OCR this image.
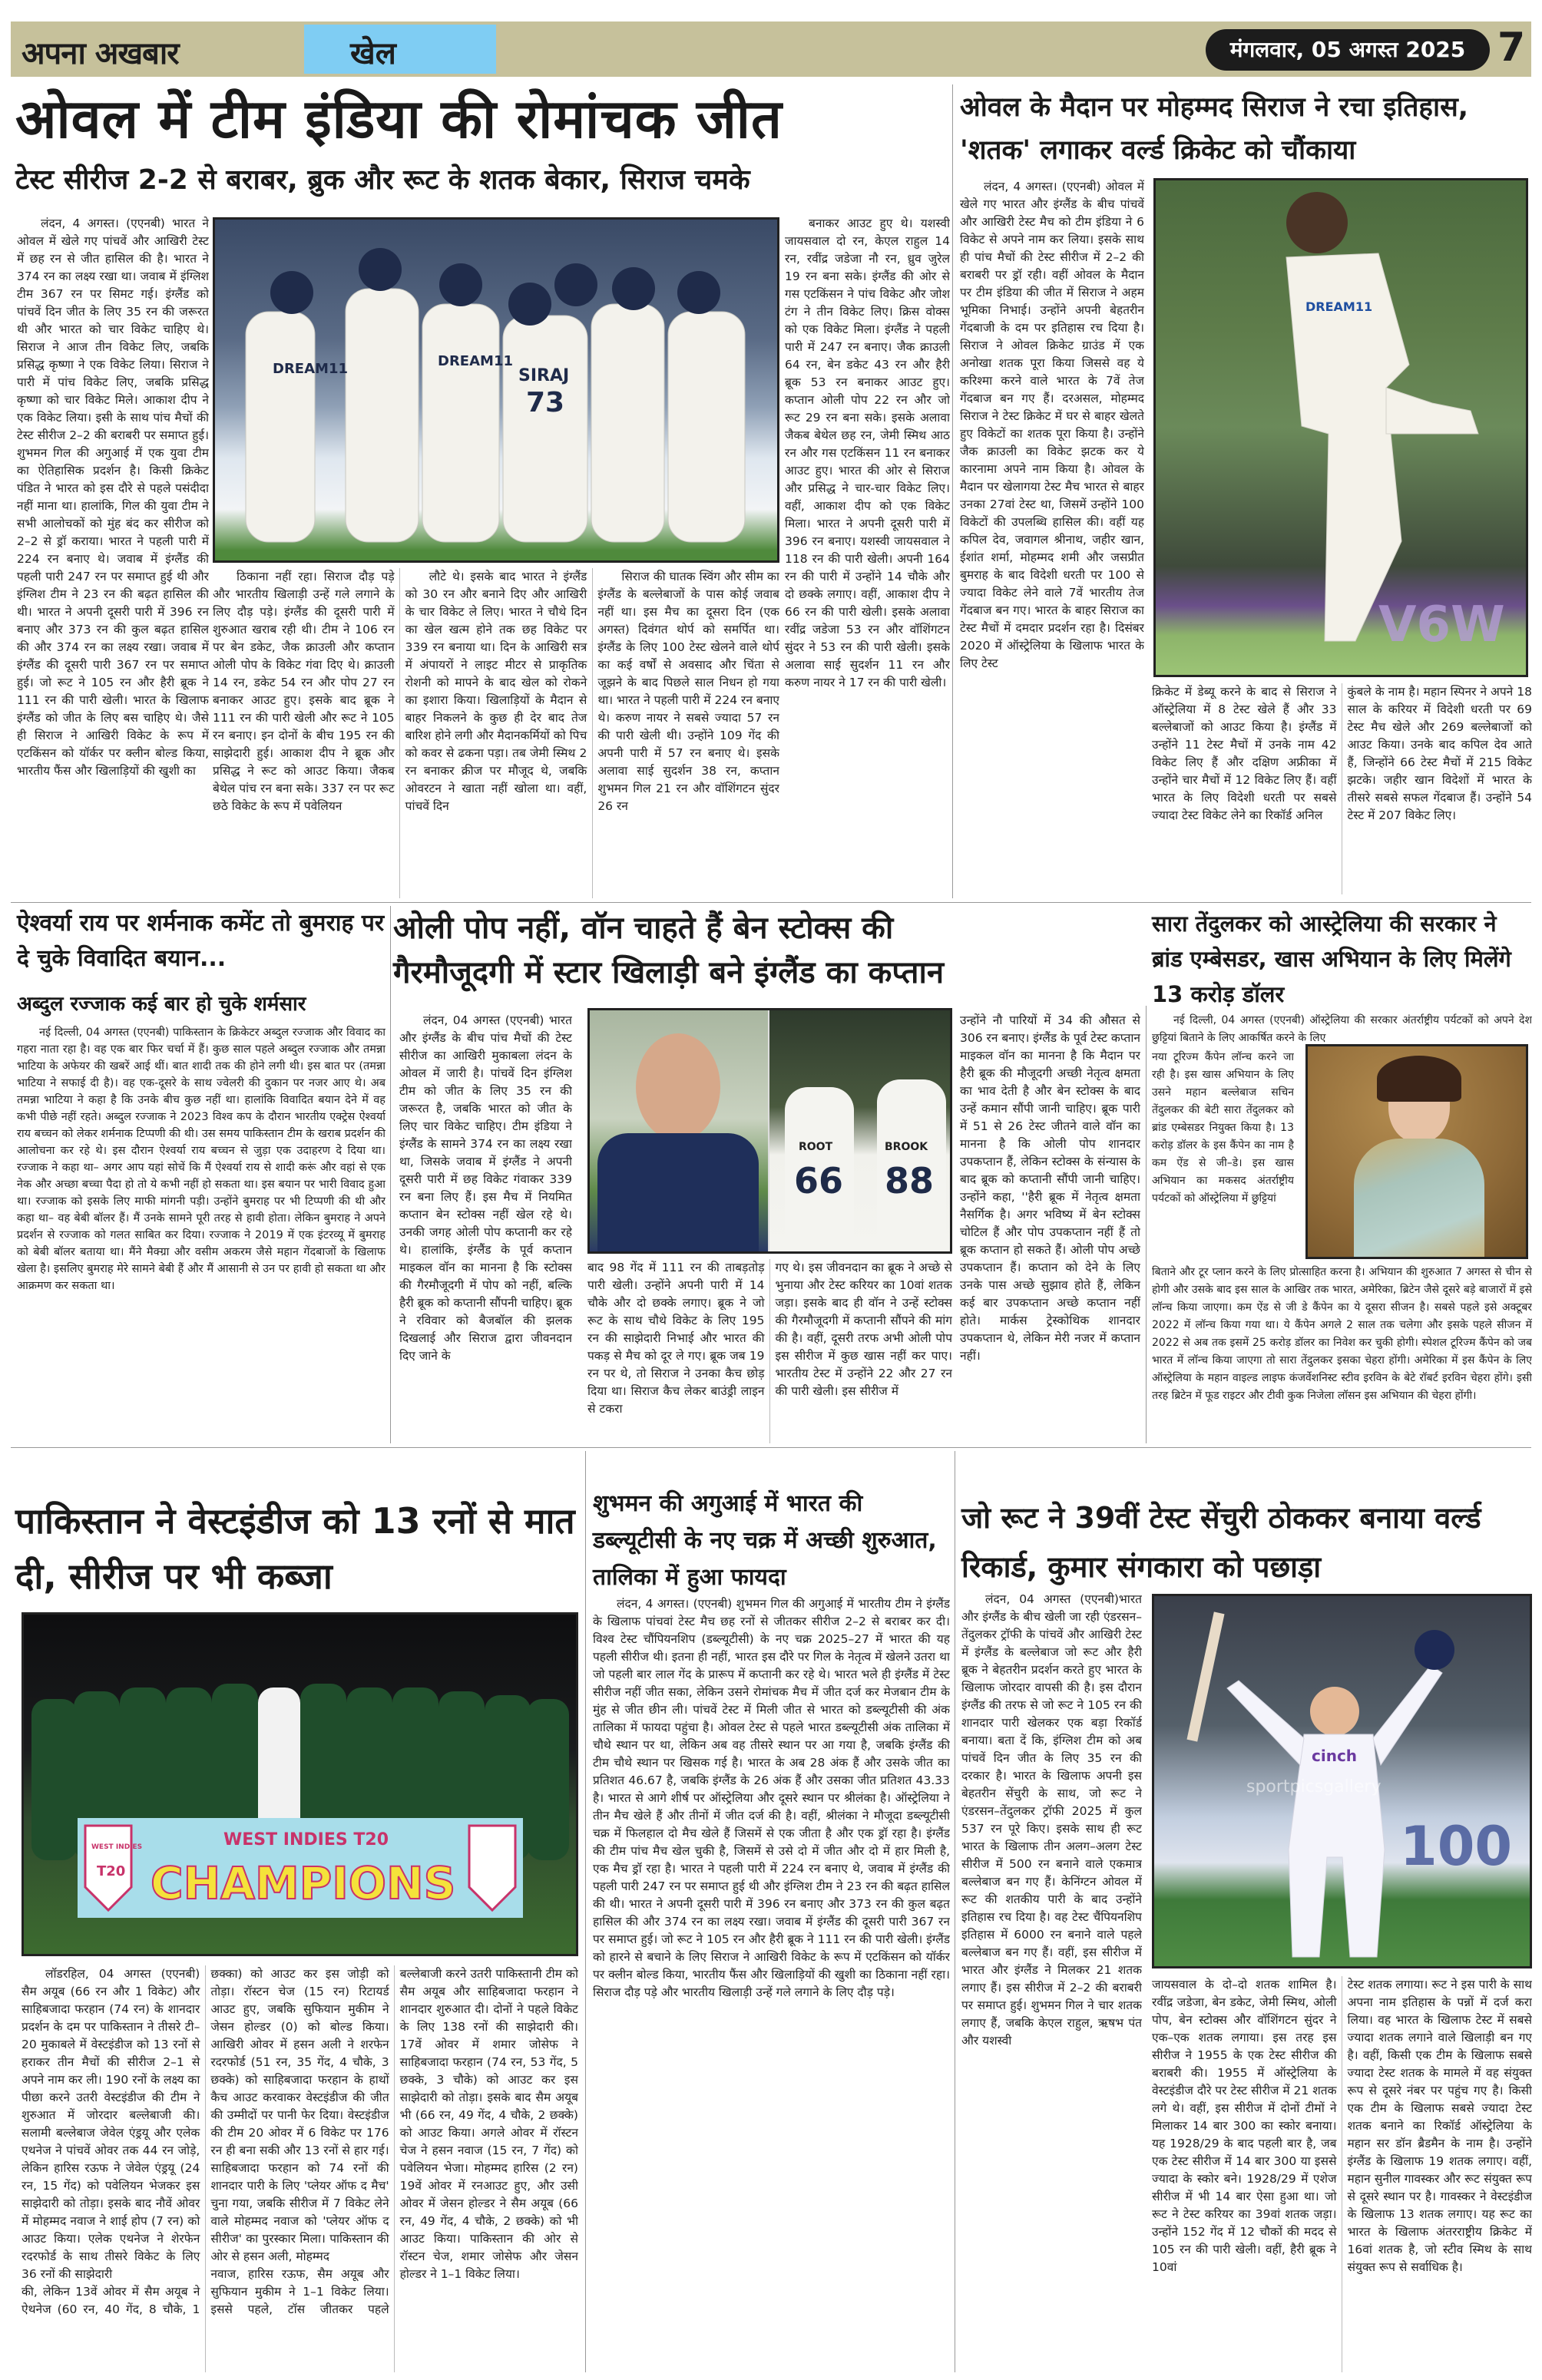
अपना अखबार	खेल	मंगलवार, 05 अगस्त 2025 7
ओवल में टीम इंडिया की रोमांचक जीत
टेस्ट सीरीज 2-2 से बराबर, ब्रुक और रूट के शतक बेकार, सिराज चमके
लंदन, 4 अगस्त। (एएनबी) भारत ने ओवल में खेले गए पांचवें और आखिरी टेस्ट में छह रन से जीत हासिल की है। भारत ने 374 रन का लक्ष्य रखा था। जवाब में इंग्लिश टीम 367 रन पर सिमट गई। इंग्लैंड को पांचवें दिन जीत के लिए 35 रन की जरूरत थी और भारत को चार विकेट चाहिए थे। सिराज ने आज तीन विकेट लिए, जबकि प्रसिद्ध कृष्णा ने एक विकेट लिया। सिराज ने पारी में पांच विकेट लिए, जबकि प्रसिद्ध कृष्णा को चार विकेट मिले। आकाश दीप ने एक विकेट लिया। इसी के साथ पांच मैचों की टेस्ट सीरीज 2–2 की बराबरी पर समाप्त हुई। शुभमन गिल की अगुआई में एक युवा टीम का ऐतिहासिक प्रदर्शन है। किसी क्रिकेट पंडित ने भारत को इस दौरे से पहले पसंदीदा नहीं माना था। हालांकि, गिल की युवा टीम ने सभी आलोचकों को मुंह बंद कर सीरीज को 2–2 से ड्रॉ कराया। भारत ने पहली पारी में 224 रन बनाए थे। जवाब में इंग्लैंड की पहली पारी 247 रन पर समाप्त हुई थी और इंग्लिश टीम ने 23 रन की बढ़त हासिल की थी। भारत ने अपनी दूसरी पारी में 396 रन बनाए और 373 रन की कुल बढ़त हासिल की और 374 रन का लक्ष्य रखा। जवाब में इंग्लैंड की दूसरी पारी 367 रन पर समाप्त हुई। जो रूट ने 105 रन और हैरी ब्रूक ने 111 रन की पारी खेली। भारत के खिलाफ इंग्लैंड को जीत के लिए बस चाहिए थे। जैसे ही सिराज ने आखिरी विकेट के रूप में एटकिंसन को यॉर्कर पर क्लीन बोल्ड किया, भारतीय फैंस और खिलाड़ियों की खुशी का
DREAM11	DREAM11
SIRAJ
73

ठिकाना नहीं रहा। सिराज दौड़ पड़े और भारतीय खिलाड़ी उन्हें गले लगाने के लिए दौड़ पड़े। इंग्लैंड की दूसरी पारी में शुरुआत खराब रही थी। टीम ने 106 रन पर बेन डकेट, जैक क्राउली और कप्तान ओली पोप के विकेट गंवा दिए थे। क्राउली 14 रन, डकेट 54 रन और पोप 27 रन बनाकर आउट हुए। इसके बाद ब्रूक ने 111 रन की पारी खेली और रूट ने 105 रन बनाए। इन दोनों के बीच 195 रन की साझेदारी हुई। आकाश दीप ने ब्रूक और प्रसिद्ध ने रूट को आउट किया। जैकब बेथेल पांच रन बना सके। 337 रन पर रूट छठे विकेट के रूप में पवेलियन

लौटे थे। इसके बाद भारत ने इंग्लैंड को 30 रन और बनाने दिए और आखिरी के चार विकेट ले लिए। भारत ने चौथे दिन का खेल खत्म होने तक छह विकेट पर 339 रन बनाया था। दिन के आखिरी सत्र में अंपायरों ने लाइट मीटर से प्राकृतिक रोशनी को मापने के बाद खेल को रोकने का इशारा किया। खिलाड़ियों के मैदान से बाहर निकलने के कुछ ही देर बाद तेज बारिश होने लगी और मैदानकर्मियों को पिच को कवर से ढकना पड़ा। तब जेमी स्मिथ 2 रन बनाकर क्रीज पर मौजूद थे, जबकि ओवरटन ने खाता नहीं खोला था। वहीं, पांचवें दिन

सिराज की घातक स्विंग और सीम का इंग्लैंड के बल्लेबाजों के पास कोई जवाब नहीं था। इस मैच का दूसरा दिन (एक अगस्त) दिवंगत थोर्प को समर्पित था। इंग्लैंड के लिए 100 टेस्ट खेलने वाले थोर्प का कई वर्षों से अवसाद और चिंता से जूझने के बाद पिछले साल निधन हो गया था। भारत ने पहली पारी में 224 रन बनाए थे। करुण नायर ने सबसे ज्यादा 57 रन की पारी खेली थी। उन्होंने 109 गेंद की अपनी पारी में 57 रन बनाए थे। इसके अलावा साई सुदर्शन 38 रन, कप्तान शुभमन गिल 21 रन और वॉशिंगटन सुंदर 26 रन

बनाकर आउट हुए थे। यशस्वी जायसवाल दो रन, केएल राहुल 14 रन, रवींद्र जडेजा नौ रन, ध्रुव जुरेल 19 रन बना सके। इंग्लैंड की ओर से गस एटकिंसन ने पांच विकेट और जोश टंग ने तीन विकेट लिए। क्रिस वोक्स को एक विकेट मिला। इंग्लैंड ने पहली पारी में 247 रन बनाए। जैक क्राउली 64 रन, बेन डकेट 43 रन और हैरी ब्रूक 53 रन बनाकर आउट हुए। कप्तान ओली पोप 22 रन और जो रूट 29 रन बना सके। इसके अलावा जैकब बेथेल छह रन, जेमी स्मिथ आठ रन और गस एटकिंसन 11 रन बनाकर आउट हुए। भारत की ओर से सिराज और प्रसिद्ध ने चार-चार विकेट लिए। वहीं, आकाश दीप को एक विकेट मिला। भारत ने अपनी दूसरी पारी में 396 रन बनाए। यशस्वी जायसवाल ने 118 रन की पारी खेली। अपनी 164 रन की पारी में उन्होंने 14 चौके और दो छक्के लगाए। वहीं, आकाश दीप ने 66 रन की पारी खेली। इसके अलावा रवींद्र जडेजा 53 रन और वॉशिंगटन सुंदर ने 53 रन की पारी खेली। इसके अलावा साई सुदर्शन 11 रन और करुण नायर ने 17 रन की पारी खेली।
ओवल के मैदान पर मोहम्मद सिराज ने रचा इतिहास, 'शतक' लगाकर वर्ल्ड क्रिकेट को चौंकाया
लंदन, 4 अगस्त। (एएनबी) ओवल में खेले गए भारत और इंग्लैंड के बीच पांचवें और आखिरी टेस्ट मैच को टीम इंडिया ने 6 विकेट से अपने नाम कर लिया। इसके साथ ही पांच मैचों की टेस्ट सीरीज में 2–2 की बराबरी पर ड्रॉ रही। वहीं ओवल के मैदान पर टीम इंडिया की जीत में सिराज ने अहम भूमिका निभाई। उन्होंने अपनी बेहतरीन गेंदबाजी के दम पर इतिहास रच दिया है। सिराज ने ओवल क्रिकेट ग्राउंड में एक अनोखा शतक पूरा किया जिससे वह ये करिश्मा करने वाले भारत के 7वें तेज गेंदबाज बन गए हैं। दरअसल, मोहम्मद सिराज ने टेस्ट क्रिकेट में घर से बाहर खेलते हुए विकेटों का शतक पूरा किया है। उन्होंने जैक क्राउली का विकेट झटक कर ये कारनामा अपने नाम किया है। ओवल के मैदान पर खेलागया टेस्ट मैच भारत से बाहर उनका 27वां टेस्ट था, जिसमें उन्होंने 100 विकेटों की उपलब्धि हासिल की। वहीं यह कपिल देव, जवागल श्रीनाथ, जहीर खान, ईशांत शर्मा, मोहम्मद शमी और जसप्रीत बुमराह के बाद विदेशी धरती पर 100 से ज्यादा विकेट लेने वाले 7वें भारतीय तेज गेंदबाज बन गए। भारत के बाहर सिराज का टेस्ट मैचों में दमदार प्रदर्शन रहा है। दिसंबर 2020 में ऑस्ट्रेलिया के खिलाफ भारत के लिए टेस्ट
DREAM11
V6W

क्रिकेट में डेब्यू करने के बाद से सिराज ने ऑस्ट्रेलिया में 8 टेस्ट खेले हैं और 33 बल्लेबाजों को आउट किया है। इंग्लैंड में उन्होंने 11 टेस्ट मैचों में उनके नाम 42 विकेट लिए हैं और दक्षिण अफ्रीका में उन्होंने चार मैचों में 12 विकेट लिए हैं। वहीं भारत के लिए विदेशी धरती पर सबसे ज्यादा टेस्ट विकेट लेने का रिकॉर्ड अनिल

कुंबले के नाम है। महान स्पिनर ने अपने 18 साल के करियर में विदेशी धरती पर 69 टेस्ट मैच खेले और 269 बल्लेबाजों को आउट किया। उनके बाद कपिल देव आते हैं, जिन्होंने 66 टेस्ट मैचों में 215 विकेट झटके। जहीर खान विदेशों में भारत के तीसरे सबसे सफल गेंदबाज हैं। उन्होंने 54 टेस्ट में 207 विकेट लिए।

ऐश्वर्या राय पर शर्मनाक कमेंट तो बुमराह पर दे चुके विवादित बयान...
अब्दुल रज्जाक कई बार हो चुके शर्मसार
नई दिल्ली, 04 अगस्त (एएनबी) पाकिस्तान के क्रिकेटर अब्दुल रज्जाक और विवाद का गहरा नाता रहा है। वह एक बार फिर चर्चा में हैं। कुछ साल पहले अब्दुल रज्जाक और तमन्ना भाटिया के अफेयर की खबरें आई थीं। बात शादी तक की होने लगी थी। इस बात पर (तमन्ना भाटिया ने सफाई दी है)। वह एक-दूसरे के साथ ज्वेलरी की दुकान पर नजर आए थे। अब तमन्ना भाटिया ने कहा है कि उनके बीच कुछ नहीं था। हालांकि विवादित बयान देने में वह कभी पीछे नहीं रहते। अब्दुल रज्जाक ने 2023 विश्व कप के दौरान भारतीय एक्ट्रेस ऐश्वर्या राय बच्चन को लेकर शर्मनाक टिप्पणी की थी। उस समय पाकिस्तान टीम के खराब प्रदर्शन की आलोचना कर रहे थे। इस दौरान ऐश्वर्या राय बच्चन से जुड़ा एक उदाहरण दे दिया था। रज्जाक ने कहा था– अगर आप यहां सोचें कि मैं ऐश्वर्या राय से शादी करूं और वहां से एक नेक और अच्छा बच्चा पैदा हो तो ये कभी नहीं हो सकता था। इस बयान पर भारी विवाद हुआ था। रज्जाक को इसके लिए माफी मांगनी पड़ी। उन्होंने बुमराह पर भी टिप्पणी की थी और कहा था– वह बेबी बॉलर हैं। मैं उनके सामने पूरी तरह से हावी होता। लेकिन बुमराह ने अपने प्रदर्शन से रज्जाक को गलत साबित कर दिया। रज्जाक ने 2019 में एक इंटरव्यू में बुमराह को बेबी बॉलर बताया था। मैंने मैक्ग्रा और वसीम अकरम जैसे महान गेंदबाजों के खिलाफ खेला है। इसलिए बुमराह मेरे सामने बेबी हैं और मैं आसानी से उन पर हावी हो सकता था और आक्रमण कर सकता था।
ओली पोप नहीं, वॉन चाहते हैं बेन स्टोक्स की गैरमौजूदगी में स्टार खिलाड़ी बने इंग्लैंड का कप्तान
लंदन, 04 अगस्त (एएनबी) भारत और इंग्लैंड के बीच पांच मैचों की टेस्ट सीरीज का आखिरी मुकाबला लंदन के ओवल में जारी है। पांचवें दिन इंग्लिश टीम को जीत के लिए 35 रन की जरूरत है, जबकि भारत को जीत के लिए चार विकेट चाहिए। टीम इंडिया ने इंग्लैंड के सामने 374 रन का लक्ष्य रखा था, जिसके जवाब में इंग्लैंड ने अपनी दूसरी पारी में छह विकेट गंवाकर 339 रन बना लिए हैं। इस मैच में नियमित कप्तान बेन स्टोक्स नहीं खेल रहे थे। उनकी जगह ओली पोप कप्तानी कर रहे थे। हालांकि, इंग्लैंड के पूर्व कप्तान माइकल वॉन का मानना है कि स्टोक्स की गैरमौजूदगी में पोप को नहीं, बल्कि हैरी ब्रूक को कप्तानी सौंपनी चाहिए। ब्रूक ने रविवार को बैजबॉल की झलक दिखलाई और सिराज द्वारा जीवनदान दिए जाने के
ROOT
66
BROOK
88

बाद 98 गेंद में 111 रन की ताबड़तोड़ पारी खेली। उन्होंने अपनी पारी में 14 चौके और दो छक्के लगाए। ब्रूक ने जो रूट के साथ चौथे विकेट के लिए 195 रन की साझेदारी निभाई और भारत की पकड़ से मैच को दूर ले गए। ब्रूक जब 19 रन पर थे, तो सिराज ने उनका कैच छोड़ दिया था। सिराज कैच लेकर बाउंड्री लाइन से टकरा

गए थे। इस जीवनदान का ब्रूक ने अच्छे से भुनाया और टेस्ट करियर का 10वां शतक जड़ा। इसके बाद ही वॉन ने उन्हें स्टोक्स की गैरमौजूदगी में कप्तानी सौंपने की मांग की है। वहीं, दूसरी तरफ अभी ओली पोप इस सीरीज में कुछ खास नहीं कर पाए। भारतीय टेस्ट में उन्होंने 22 और 27 रन की पारी खेली। इस सीरीज में

उन्होंने नौ पारियों में 34 की औसत से 306 रन बनाए। इंग्लैंड के पूर्व टेस्ट कप्तान माइकल वॉन का मानना है कि मैदान पर हैरी ब्रूक की मौजूदगी अच्छी नेतृत्व क्षमता का भाव देती है और बेन स्टोक्स के बाद उन्हें कमान सौंपी जानी चाहिए। ब्रूक पारी में 51 से 26 टेस्ट जीतने वाले वॉन का मानना है कि ओली पोप शानदार उपकप्तान हैं, लेकिन स्टोक्स के संन्यास के बाद ब्रूक को कप्तानी सौंपी जानी चाहिए। उन्होंने कहा, ''हैरी ब्रूक में नेतृत्व क्षमता नैसर्गिक है। अगर भविष्य में बेन स्टोक्स चोटिल हैं और पोप उपकप्तान नहीं हैं तो ब्रूक कप्तान हो सकते हैं। ओली पोप अच्छे उपकप्तान हैं। कप्तान को देने के लिए उनके पास अच्छे सुझाव होते हैं, लेकिन कई बार उपकप्तान अच्छे कप्तान नहीं होते। मार्कस ट्रेस्कोथिक शानदार उपकप्तान थे, लेकिन मेरी नजर में कप्तान नहीं।
सारा तेंदुलकर को आस्ट्रेलिया की सरकार ने ब्रांड एम्बेसडर, खास अभियान के लिए मिलेंगे 13 करोड़ डॉलर
नई दिल्ली, 04 अगस्त (एएनबी) ऑस्ट्रेलिया की सरकार अंतर्राष्ट्रीय पर्यटकों को अपने देश छुट्टियां बिताने के लिए आकर्षित करने के लिए
नया टूरिज्म कैंपेन लॉन्च करने जा रही है। इस खास अभियान के लिए उसने महान बल्लेबाज सचिन तेंदुलकर की बेटी सारा तेंदुलकर को ब्रांड एम्बेसडर नियुक्त किया है। 13 करोड़ डॉलर के इस कैंपेन का नाम है कम ऐंड से जी–डे। इस खास अभियान का मकसद अंतर्राष्ट्रीय पर्यटकों को ऑस्ट्रेलिया में छुट्टियां
बिताने और टूर प्लान करने के लिए प्रोत्साहित करना है। अभियान की शुरुआत 7 अगस्त से चीन से होगी और उसके बाद इस साल के आखिर तक भारत, अमेरिका, ब्रिटेन जैसे दूसरे बड़े बाजारों में इसे लॉन्च किया जाएगा। कम ऐंड से जी डे कैंपेन का ये दूसरा सीजन है। सबसे पहले इसे अक्टूबर 2022 में लॉन्च किया गया था। ये कैंपेन अगले 2 साल तक चलेगा और इसके पहले सीजन में 2022 से अब तक इसमें 25 करोड़ डॉलर का निवेश कर चुकी होगी। स्पेशल टूरिज्म कैंपेन को जब भारत में लॉन्च किया जाएगा तो सारा तेंदुलकर इसका चेहरा होंगी। अमेरिका में इस कैंपेन के लिए ऑस्ट्रेलिया के महान वाइल्ड लाइफ कंजर्वेशनिस्ट स्टीव इरविन के बेटे रॉबर्ट इरविन चेहरा होंगे। इसी तरह ब्रिटेन में फूड राइटर और टीवी कुक निजेला लॉसन इस अभियान की चेहरा होंगी।
पाकिस्तान ने वेस्टइंडीज को 13 रनों से मात दी, सीरीज पर भी कब्जा
WEST INDIES T20
CHAMPIONS
WEST INDIES
T20

लॉडरहिल, 04 अगस्त (एएनबी) सैम अयूब (66 रन और 1 विकेट) और साहिबजादा फरहान (74 रन) के शानदार प्रदर्शन के दम पर पाकिस्तान ने तीसरे टी–20 मुकाबले में वेस्टइंडीज को 13 रनों से हराकर तीन मैचों की सीरीज 2–1 से अपने नाम कर ली। 190 रनों के लक्ष्य का पीछा करने उतरी वेस्टइंडीज की टीम ने शुरुआत में जोरदार बल्लेबाजी की। सलामी बल्लेबाज जेवेल एंड्रयू और एलेक एथनेज ने पांचवें ओवर तक 44 रन जोड़े, लेकिन हारिस रऊफ ने जेवेल एंड्रयू (24 रन, 15 गेंद) को पवेलियन भेजकर इस साझेदारी को तोड़ा। इसके बाद नौवें ओवर में मोहम्मद नवाज ने शाई होप (7 रन) को आउट किया। एलेक एथनेज ने शेरफेन रदरफोर्ड के साथ तीसरे विकेट के लिए 36 रनों की साझेदारी

की, लेकिन 13वें ओवर में सैम अयूब ने ऐथनेज (60 रन, 40 गेंद, 8 चौके, 1 छक्का) को आउट कर इस जोड़ी को तोड़ा। रॉस्टन चेज (15 रन) रिटायर्ड आउट हुए, जबकि सुफियान मुकीम ने जेसन होल्डर (0) को बोल्ड किया। आखिरी ओवर में हसन अली ने शरफेन रदरफोर्ड (51 रन, 35 गेंद, 4 चौके, 3 छक्के) को साहिबजादा फरहान के हाथों कैच आउट करवाकर वेस्टइंडीज की जीत की उम्मीदों पर पानी फेर दिया। वेस्टइंडीज की टीम 20 ओवर में 6 विकेट पर 176 रन ही बना सकी और 13 रनों से हार गई। साहिबजादा फरहान को 74 रनों की शानदार पारी के लिए 'प्लेयर ऑफ द मैच' चुना गया, जबकि सीरीज में 7 विकेट लेने वाले मोहम्मद नवाज को 'प्लेयर ऑफ द सीरीज' का पुरस्कार मिला। पाकिस्तान की ओर से हसन अली, मोहम्मद

नवाज, हारिस रऊफ, सैम अयूब और सुफियान मुकीम ने 1–1 विकेट लिया। इससे पहले, टॉस जीतकर पहले बल्लेबाजी करने उतरी पाकिस्तानी टीम को सैम अयूब और साहिबजादा फरहान ने शानदार शुरुआत दी। दोनों ने पहले विकेट के लिए 138 रनों की साझेदारी की। 17वें ओवर में शमार जोसेफ ने साहिबजादा फरहान (74 रन, 53 गेंद, 5 छक्के, 3 चौके) को आउट कर इस साझेदारी को तोड़ा। इसके बाद सैम अयूब भी (66 रन, 49 गेंद, 4 चौके, 2 छक्के) को आउट किया। अगले ओवर में रॉस्टन चेज ने हसन नवाज (15 रन, 7 गेंद) को पवेलियन भेजा। मोहम्मद हारिस (2 रन) 19वें ओवर में रनआउट हुए, और उसी ओवर में जेसन होल्डर ने सैम अयूब (66 रन, 49 गेंद, 4 चौके, 2 छक्के) को भी आउट किया। पाकिस्तान की ओर से रॉस्टन चेज, शमार जोसेफ और जेसन होल्डर ने 1–1 विकेट लिया।

शुभमन की अगुआई में भारत की डब्ल्यूटीसी के नए चक्र में अच्छी शुरुआत, तालिका में हुआ फायदा
लंदन, 4 अगस्त। (एएनबी) शुभमन गिल की अगुआई में भारतीय टीम ने इंग्लैंड के खिलाफ पांचवां टेस्ट मैच छह रनों से जीतकर सीरीज 2–2 से बराबर कर दी। विश्व टेस्ट चौंपियनशिप (डब्ल्यूटीसी) के नए चक्र 2025–27 में भारत की यह पहली सीरीज थी। इतना ही नहीं, भारत इस दौरे पर गिल के नेतृत्व में खेलने उतरा था जो पहली बार लाल गेंद के प्रारूप में कप्तानी कर रहे थे। भारत भले ही इंग्लैंड में टेस्ट सीरीज नहीं जीत सका, लेकिन उसने रोमांचक मैच में जीत दर्ज कर मेजबान टीम के मुंह से जीत छीन ली। पांचवें टेस्ट में मिली जीत से भारत को डब्ल्यूटीसी की अंक तालिका में फायदा पहुंचा है। ओवल टेस्ट से पहले भारत डब्ल्यूटीसी अंक तालिका में चौथे स्थान पर था, लेकिन अब वह तीसरे स्थान पर आ गया है, जबकि इंग्लैंड की टीम चौथे स्थान पर खिसक गई है। भारत के अब 28 अंक हैं और उसके जीत का प्रतिशत 46.67 है, जबकि इंग्लैंड के 26 अंक हैं और उसका जीत प्रतिशत 43.33 है। भारत से आगे शीर्ष पर ऑस्ट्रेलिया और दूसरे स्थान पर श्रीलंका है। ऑस्ट्रेलिया ने तीन मैच खेले हैं और तीनों में जीत दर्ज की है। वहीं, श्रीलंका ने मौजूदा डब्ल्यूटीसी चक्र में फिलहाल दो मैच खेले हैं जिसमें से एक जीता है और एक ड्रॉ रहा है। इंग्लैंड की टीम पांच मैच खेल चुकी है, जिसमें से उसे दो में जीत और दो में हार मिली है, एक मैच ड्रॉ रहा है। भारत ने पहली पारी में 224 रन बनाए थे, जवाब में इंग्लैंड की पहली पारी 247 रन पर समाप्त हुई थी और इंग्लिश टीम ने 23 रन की बढ़त हासिल की थी। भारत ने अपनी दूसरी पारी में 396 रन बनाए और 373 रन की कुल बढ़त हासिल की और 374 रन का लक्ष्य रखा। जवाब में इंग्लैंड की दूसरी पारी 367 रन पर समाप्त हुई। जो रूट ने 105 रन और हैरी ब्रूक ने 111 रन की पारी खेली। इंग्लैंड को हारने से बचाने के लिए सिराज ने आखिरी विकेट के रूप में एटकिंसन को यॉर्कर पर क्लीन बोल्ड किया, भारतीय फैंस और खिलाड़ियों की खुशी का ठिकाना नहीं रहा। सिराज दौड़ पड़े और भारतीय खिलाड़ी उन्हें गले लगाने के लिए दौड़ पड़े।
जो रूट ने 39वीं टेस्ट सेंचुरी ठोककर बनाया वर्ल्ड रिकार्ड, कुमार संगकारा को पछाड़ा
लंदन, 04 अगस्त (एएनबी)भारत और इंग्लैंड के बीच खेली जा रही एंडरसन–तेंदुलकर ट्रॉफी के पांचवें और आखिरी टेस्ट में इंग्लैंड के बल्लेबाज जो रूट और हैरी ब्रूक ने बेहतरीन प्रदर्शन करते हुए भारत के खिलाफ जोरदार वापसी की है। इस दौरान इंग्लैंड की तरफ से जो रूट ने 105 रन की शानदार पारी खेलकर एक बड़ा रिकॉर्ड बनाया। बता दें कि, इंग्लिश टीम को अब पांचवें दिन जीत के लिए 35 रन की दरकार है। भारत के खिलाफ अपनी इस बेहतरीन सेंचुरी के साथ, जो रूट ने एंडरसन–तेंदुलकर ट्रॉफी 2025 में कुल 537 रन पूरे किए। इसके साथ ही रूट भारत के खिलाफ तीन अलग–अलग टेस्ट सीरीज में 500 रन बनाने वाले एकमात्र बल्लेबाज बन गए हैं। केनिंग्टन ओवल में रूट की शतकीय पारी के बाद उन्होंने इतिहास रच दिया है। वह टेस्ट चैंपियनशिप इतिहास में 6000 रन बनाने वाले पहले बल्लेबाज बन गए हैं। वहीं, इस सीरीज में भारत और इंग्लैंड ने मिलकर 21 शतक लगाए हैं। इस सीरीज में 2–2 की बराबरी पर समाप्त हुई। शुभमन गिल ने चार शतक लगाए हैं, जबकि केएल राहुल, ऋषभ पंत और यशस्वी
cinch
sportpicsgallery
100

जायसवाल के दो–दो शतक शामिल है। रवींद्र जडेजा, बेन डकेट, जेमी स्मिथ, ओली पोप, बेन स्टोक्स और वॉशिंगटन सुंदर ने एक–एक शतक लगाया। इस तरह इस सीरीज ने 1955 के एक टेस्ट सीरीज की बराबरी की। 1955 में ऑस्ट्रेलिया के वेस्टइंडीज दौरे पर टेस्ट सीरीज में 21 शतक लगे थे। वहीं, इस सीरीज में दोनों टीमों ने मिलाकर 14 बार 300 का स्कोर बनाया। यह 1928/29 के बाद पहली बार है, जब एक टेस्ट सीरीज में 14 बार 300 या इससे ज्यादा के स्कोर बने। 1928/29 में एशेज सीरीज में भी 14 बार ऐसा हुआ था। जो रूट ने टेस्ट करियर का 39वां शतक जड़ा। उन्होंने 152 गेंद में 12 चौकों की मदद से 105 रन की पारी खेली। वहीं, हैरी ब्रूक ने 10वां

टेस्ट शतक लगाया। रूट ने इस पारी के साथ अपना नाम इतिहास के पन्नों में दर्ज करा लिया। वह भारत के खिलाफ टेस्ट में सबसे ज्यादा शतक लगाने वाले खिलाड़ी बन गए है। वहीं, किसी एक टीम के खिलाफ सबसे ज्यादा टेस्ट शतक के मामले में वह संयुक्त रूप से दूसरे नंबर पर पहुंच गए है। किसी एक टीम के खिलाफ सबसे ज्यादा टेस्ट शतक बनाने का रिकॉर्ड ऑस्ट्रेलिया के महान सर डॉन ब्रैडमैन के नाम है। उन्होंने इंग्लैंड के खिलाफ 19 शतक लगाए। वहीं, महान सुनील गावस्कर और रूट संयुक्त रूप से दूसरे स्थान पर है। गावस्कर ने वेस्टइंडीज के खिलाफ 13 शतक लगाए। यह रूट का भारत के खिलाफ अंतरराष्ट्रीय क्रिकेट में 16वां शतक है, जो स्टीव स्मिथ के साथ संयुक्त रूप से सर्वाधिक है।
